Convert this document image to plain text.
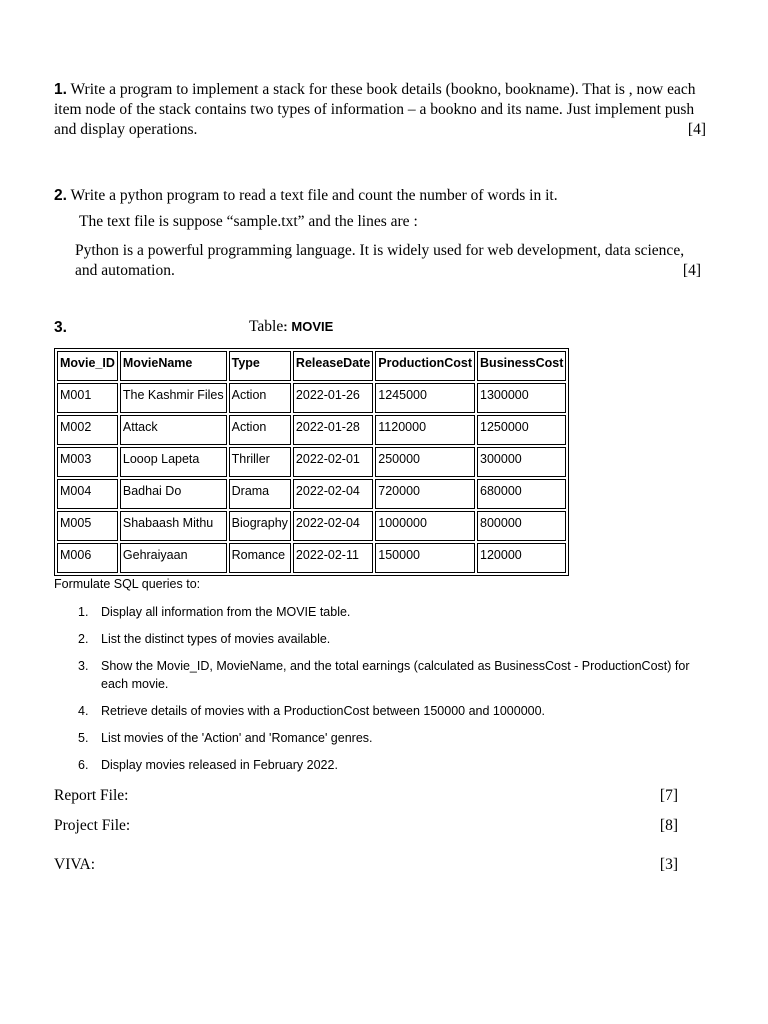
1. Write a program to implement a stack for these book details (bookno, bookname). That is , now each item node of the stack contains two types of information – a bookno and its name. Just implement push and display operations.	[4]
2. Write a python program to read a text file and count the number of words in it.
The text file is suppose “sample.txt” and the lines are :
Python is a powerful programming language. It is widely used for web development, data science, and automation.	[4]
3.	Table: MOVIE
Movie_ID	MovieName	Type	ReleaseDate	ProductionCost	BusinessCost
M001	The Kashmir Files	Action	2022-01-26	1245000	1300000
M002	Attack	Action	2022-01-28	1120000	1250000
M003	Looop Lapeta	Thriller	2022-02-01	250000	300000
M004	Badhai Do	Drama	2022-02-04	720000	680000
M005	Shabaash Mithu	Biography	2022-02-04	1000000	800000
M006	Gehraiyaan	Romance	2022-02-11	150000	120000
Formulate SQL queries to:
1. Display all information from the MOVIE table.
2. List the distinct types of movies available.
3. Show the Movie_ID, MovieName, and the total earnings (calculated as BusinessCost - ProductionCost) for each movie.
4. Retrieve details of movies with a ProductionCost between 150000 and 1000000.
5. List movies of the 'Action' and 'Romance' genres.
6. Display movies released in February 2022.
Report File:	[7]
Project File:	[8]
VIVA:	[3]
